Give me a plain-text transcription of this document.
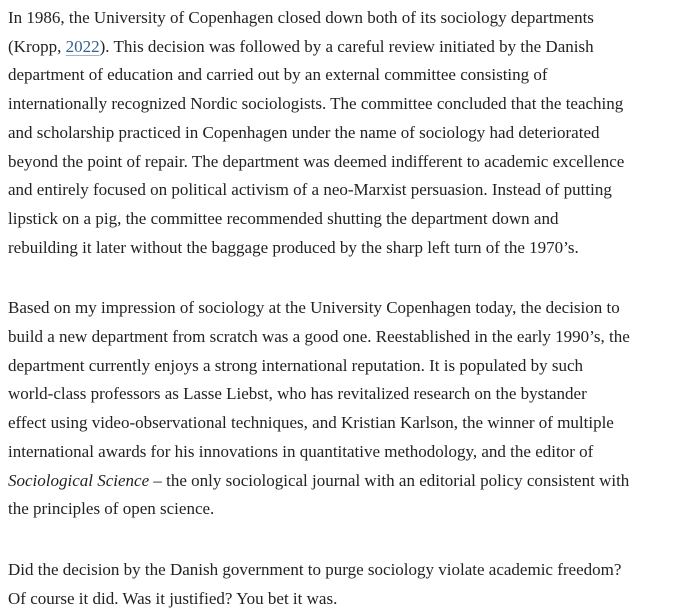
In 1986, the University of Copenhagen closed down both of its sociology departments
(Kropp, 2022). This decision was followed by a careful review initiated by the Danish
department of education and carried out by an external committee consisting of
internationally recognized Nordic sociologists. The committee concluded that the teaching
and scholarship practiced in Copenhagen under the name of sociology had deteriorated
beyond the point of repair. The department was deemed indifferent to academic excellence
and entirely focused on political activism of a neo-Marxist persuasion. Instead of putting
lipstick on a pig, the committee recommended shutting the department down and
rebuilding it later without the baggage produced by the sharp left turn of the 1970’s.

Based on my impression of sociology at the University Copenhagen today, the decision to
build a new department from scratch was a good one. Reestablished in the early 1990’s, the
department currently enjoys a strong international reputation. It is populated by such
world-class professors as Lasse Liebst, who has revitalized research on the bystander
effect using video-observational techniques, and Kristian Karlson, the winner of multiple
international awards for his innovations in quantitative methodology, and the editor of
Sociological Science – the only sociological journal with an editorial policy consistent with
the principles of open science.

Did the decision by the Danish government to purge sociology violate academic freedom?
Of course it did. Was it justified? You bet it was.
